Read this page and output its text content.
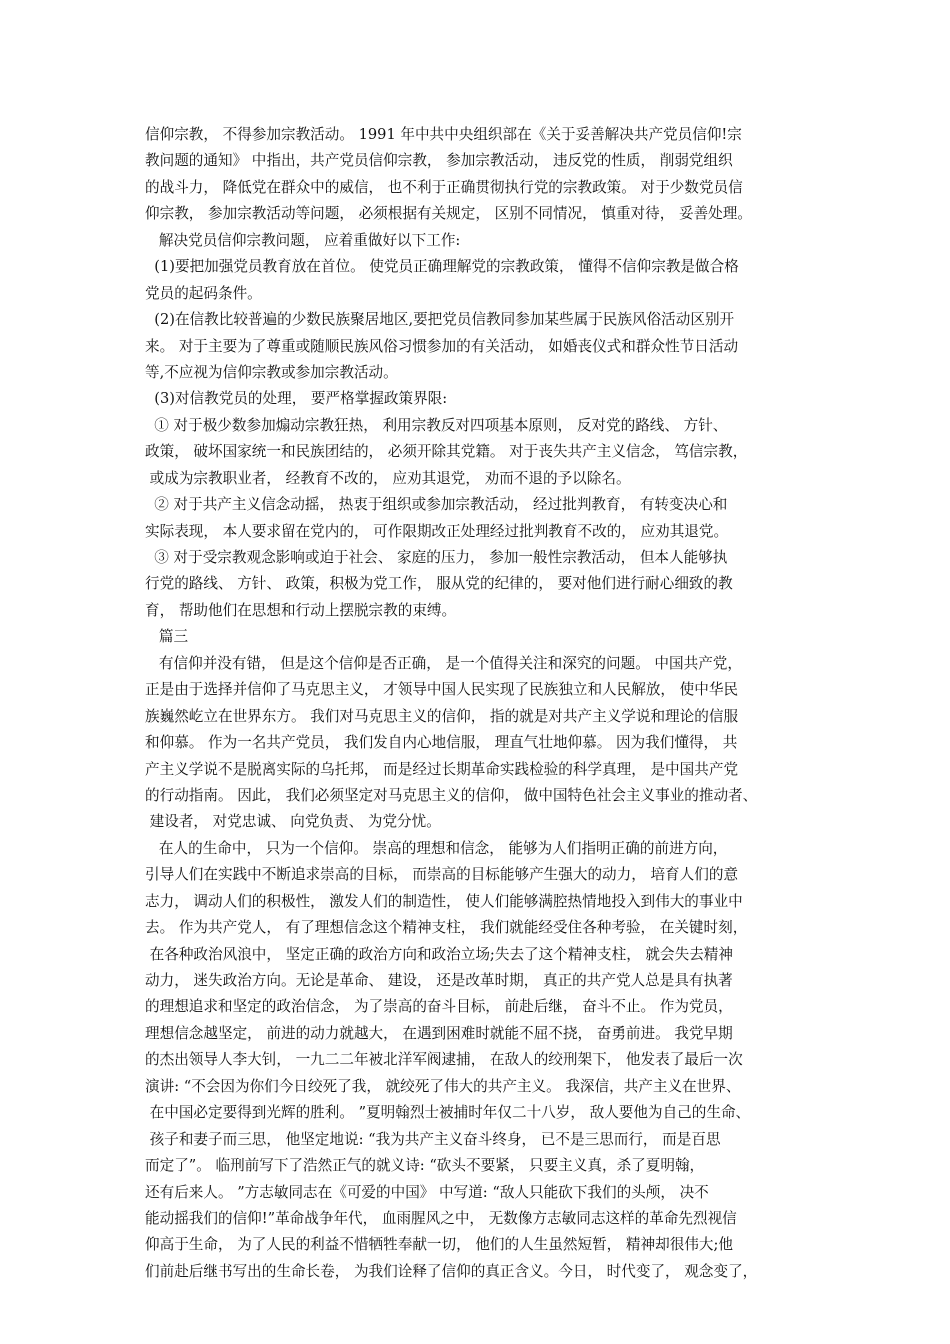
信仰宗教， 不得参加宗教活动。 1991 年中共中央组织部在《关于妥善解决共产党员信仰!宗
教问题的通知》 中指出，共产党员信仰宗教， 参加宗教活动， 违反党的性质， 削弱党组织
的战斗力， 降低党在群众中的威信， 也不利于正确贯彻执行党的宗教政策。 对于少数党员信
仰宗教， 参加宗教活动等问题， 必须根据有关规定， 区别不同情况， 慎重对待， 妥善处理。
解决党员信仰宗教问题， 应着重做好以下工作:
(1)要把加强党员教育放在首位。 使党员正确理解党的宗教政策， 懂得不信仰宗教是做合格
党员的起码条件。
(2)在信教比较普遍的少数民族聚居地区,要把党员信教同参加某些属于民族风俗活动区别开
来。 对于主要为了尊重或随顺民族风俗习惯参加的有关活动， 如婚丧仪式和群众性节日活动
等,不应视为信仰宗教或参加宗教活动。
(3)对信教党员的处理， 要严格掌握政策界限:
① 对于极少数参加煽动宗教狂热， 利用宗教反对四项基本原则， 反对党的路线、 方针、
政策， 破坏国家统一和民族团结的， 必须开除其党籍。 对于丧失共产主义信念， 笃信宗教，
或成为宗教职业者， 经教育不改的， 应劝其退党， 劝而不退的予以除名。
② 对于共产主义信念动摇， 热衷于组织或参加宗教活动， 经过批判教育， 有转变决心和
实际表现， 本人要求留在党内的， 可作限期改正处理经过批判教育不改的， 应劝其退党。
③ 对于受宗教观念影响或迫于社会、 家庭的压力， 参加一般性宗教活动， 但本人能够执
行党的路线、 方针、 政策，积极为党工作， 服从党的纪律的， 要对他们进行耐心细致的教
育， 帮助他们在思想和行动上摆脱宗教的束缚。
篇三
有信仰并没有错， 但是这个信仰是否正确， 是一个值得关注和深究的问题。 中国共产党，
正是由于选择并信仰了马克思主义， 才领导中国人民实现了民族独立和人民解放， 使中华民
族巍然屹立在世界东方。 我们对马克思主义的信仰， 指的就是对共产主义学说和理论的信服
和仰慕。 作为一名共产党员， 我们发自内心地信服， 理直气壮地仰慕。 因为我们懂得， 共
产主义学说不是脱离实际的乌托邦， 而是经过长期革命实践检验的科学真理， 是中国共产党
的行动指南。 因此， 我们必须坚定对马克思主义的信仰， 做中国特色社会主义事业的推动者、
建设者， 对党忠诚、 向党负责、 为党分忧。
在人的生命中， 只为一个信仰。 崇高的理想和信念， 能够为人们指明正确的前进方向，
引导人们在实践中不断追求崇高的目标， 而崇高的目标能够产生强大的动力， 培育人们的意
志力， 调动人们的积极性， 激发人们的制造性， 使人们能够满腔热情地投入到伟大的事业中
去。 作为共产党人， 有了理想信念这个精神支柱， 我们就能经受住各种考验， 在关键时刻，
在各种政治风浪中， 坚定正确的政治方向和政治立场;失去了这个精神支柱， 就会失去精神
动力， 迷失政治方向。无论是革命、 建设， 还是改革时期， 真正的共产党人总是具有执著
的理想追求和坚定的政治信念， 为了崇高的奋斗目标， 前赴后继， 奋斗不止。 作为党员，
理想信念越坚定， 前进的动力就越大， 在遇到困难时就能不屈不挠， 奋勇前进。 我党早期
的杰出领导人李大钊， 一九二二年被北洋军阀逮捕， 在敌人的绞刑架下， 他发表了最后一次
演讲: “不会因为你们今日绞死了我， 就绞死了伟大的共产主义。 我深信，共产主义在世界、
在中国必定要得到光辉的胜利。 ”夏明翰烈士被捕时年仅二十八岁， 敌人要他为自己的生命、
孩子和妻子而三思， 他坚定地说: “我为共产主义奋斗终身， 已不是三思而行， 而是百思
而定了”。 临刑前写下了浩然正气的就义诗: “砍头不要紧， 只要主义真，杀了夏明翰，
还有后来人。 ”方志敏同志在《可爱的中国》 中写道: “敌人只能砍下我们的头颅， 决不
能动摇我们的信仰!”革命战争年代， 血雨腥风之中， 无数像方志敏同志这样的革命先烈视信
仰高于生命， 为了人民的利益不惜牺牲奉献一切， 他们的人生虽然短暂， 精神却很伟大;他
们前赴后继书写出的生命长卷， 为我们诠释了信仰的真正含义。今日， 时代变了， 观念变了，
